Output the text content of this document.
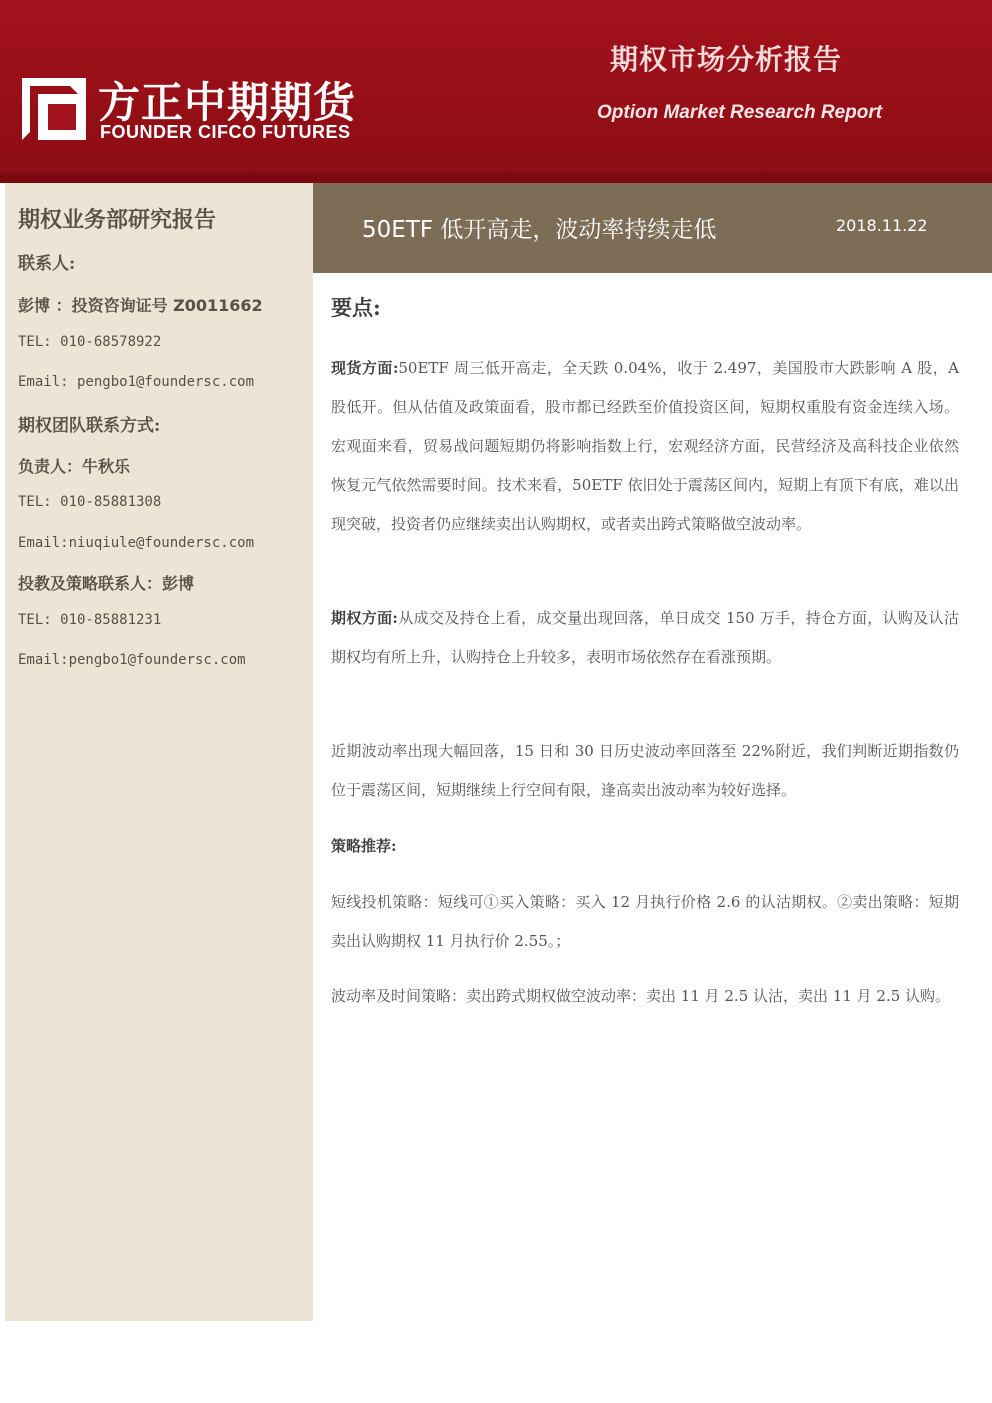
方正中期期货
FOUNDER CIFCO FUTURES
期权市场分析报告
Option Market Research Report
期权业务部研究报告
联系人:
彭博 ：投资咨询证号 Z0011662
TEL: 010-68578922
Email: pengbo1@foundersc.com
期权团队联系方式:
负责人：牛秋乐
TEL: 010-85881308
Email:niuqiule@foundersc.com
投教及策略联系人：彭博
TEL: 010-85881231
Email:pengbo1@foundersc.com
50ETF 低开高走，波动率持续走低	2018.11.22
要点:
现货方面:50ETF 周三低开高走，全天跌 0.04%，收于 2.497，美国股市大跌影响 A 股，A 股低开。但从估值及政策面看，股市都已经跌至价值投资区间，短期权重股有资金连续入场。宏观面来看，贸易战问题短期仍将影响指数上行，宏观经济方面，民营经济及高科技企业依然恢复元气依然需要时间。技术来看，50ETF 依旧处于震荡区间内，短期上有顶下有底，难以出现突破，投资者仍应继续卖出认购期权，或者卖出跨式策略做空波动率。
期权方面:从成交及持仓上看，成交量出现回落，单日成交 150 万手，持仓方面，认购及认沽期权均有所上升，认购持仓上升较多，表明市场依然存在看涨预期。
近期波动率出现大幅回落，15 日和 30 日历史波动率回落至 22%附近，我们判断近期指数仍位于震荡区间，短期继续上行空间有限，逢高卖出波动率为较好选择。
策略推荐:
短线投机策略：短线可①买入策略：买入 12 月执行价格 2.6 的认沽期权。②卖出策略：短期卖出认购期权 11 月执行价 2.55。；
波动率及时间策略：卖出跨式期权做空波动率：卖出 11 月 2.5 认沽，卖出 11 月 2.5 认购。
